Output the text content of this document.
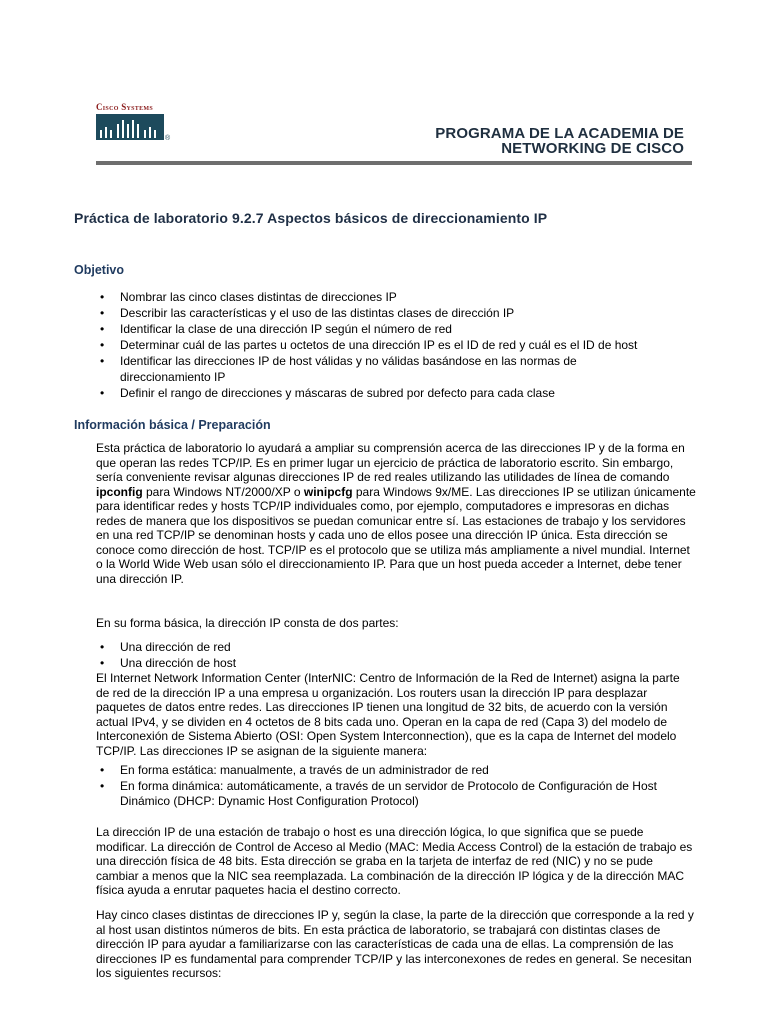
Cisco Systems
®	PROGRAMA DE LA ACADEMIA DE
NETWORKING DE CISCO
Práctica de laboratorio 9.2.7 Aspectos básicos de direccionamiento IP
Objetivo
• Nombrar las cinco clases distintas de direcciones IP
• Describir las características y el uso de las distintas clases de dirección IP
• Identificar la clase de una dirección IP según el número de red
• Determinar cuál de las partes u octetos de una dirección IP es el ID de red y cuál es el ID de host
• Identificar las direcciones IP de host válidas y no válidas basándose en las normas de direccionamiento IP
• Definir el rango de direcciones y máscaras de subred por defecto para cada clase
Información básica / Preparación

Esta práctica de laboratorio lo ayudará a ampliar su comprensión acerca de las direcciones IP y de la forma en que operan las redes TCP/IP. Es en primer lugar un ejercicio de práctica de laboratorio escrito. Sin embargo, sería conveniente revisar algunas direcciones IP de red reales utilizando las utilidades de línea de comando ipconfig para Windows NT/2000/XP o winipcfg para Windows 9x/ME. Las direcciones IP se utilizan únicamente para identificar redes y hosts TCP/IP individuales como, por ejemplo, computadores e impresoras en dichas redes de manera que los dispositivos se puedan comunicar entre sí. Las estaciones de trabajo y los servidores en una red TCP/IP se denominan hosts y cada uno de ellos posee una dirección IP única. Esta dirección se conoce como dirección de host. TCP/IP es el protocolo que se utiliza más ampliamente a nivel mundial. Internet o la World Wide Web usan sólo el direccionamiento IP. Para que un host pueda acceder a Internet, debe tener una dirección IP.

En su forma básica, la dirección IP consta de dos partes:
• Una dirección de red
• Una dirección de host
El Internet Network Information Center (InterNIC: Centro de Información de la Red de Internet) asigna la parte de red de la dirección IP a una empresa u organización. Los routers usan la dirección IP para desplazar paquetes de datos entre redes. Las direcciones IP tienen una longitud de 32 bits, de acuerdo con la versión actual IPv4, y se dividen en 4 octetos de 8 bits cada uno. Operan en la capa de red (Capa 3) del modelo de Interconexión de Sistema Abierto (OSI: Open System Interconnection), que es la capa de Internet del modelo TCP/IP. Las direcciones IP se asignan de la siguiente manera:
• En forma estática: manualmente, a través de un administrador de red
• En forma dinámica: automáticamente, a través de un servidor de Protocolo de Configuración de Host Dinámico (DHCP: Dynamic Host Configuration Protocol)
La dirección IP de una estación de trabajo o host es una dirección lógica, lo que significa que se puede modificar. La dirección de Control de Acceso al Medio (MAC: Media Access Control) de la estación de trabajo es una dirección física de 48 bits. Esta dirección se graba en la tarjeta de interfaz de red (NIC) y no se pude cambiar a menos que la NIC sea reemplazada. La combinación de la dirección IP lógica y de la dirección MAC física ayuda a enrutar paquetes hacia el destino correcto.
Hay cinco clases distintas de direcciones IP y, según la clase, la parte de la dirección que corresponde a la red y al host usan distintos números de bits. En esta práctica de laboratorio, se trabajará con distintas clases de dirección IP para ayudar a familiarizarse con las características de cada una de ellas. La comprensión de las direcciones IP es fundamental para comprender TCP/IP y las interconexones de redes en general. Se necesitan los siguientes recursos:
